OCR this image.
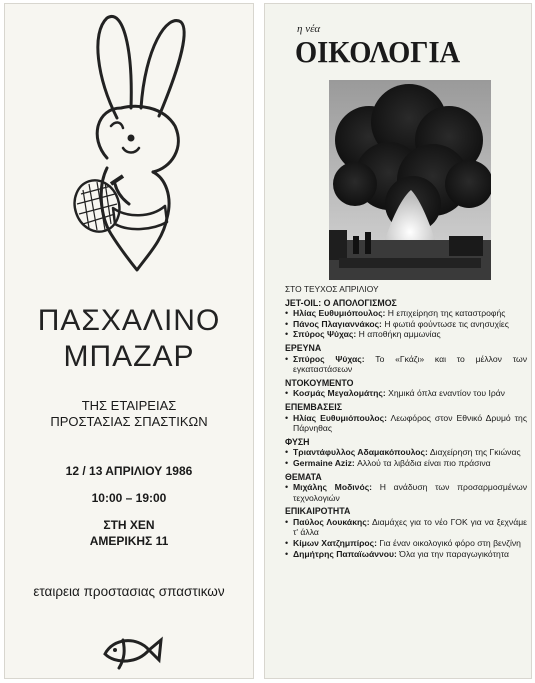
ΠΑΣΧΑΛΙΝΟ
ΜΠΑΖΑΡ
ΤΗΣ ΕΤΑΙΡΕΙΑΣ
ΠΡΟΣΤΑΣΙΑΣ ΣΠΑΣΤΙΚΩΝ
12 / 13 ΑΠΡΙΛΙΟΥ 1986
10:00 – 19:00
ΣΤΗ ΧΕΝ
ΑΜΕΡΙΚΗΣ 11
εταιρεια προστασιας σπαστικων
η νέα
ΟΙΚΟΛΟΓΙΑ
ΣΤΟ ΤΕΥΧΟΣ ΑΠΡΙΛΙΟΥ
JET-OIL: Ο ΑΠΟΛΟΓΙΣΜΟΣ
• Ηλίας Ευθυμιόπουλος: Η επιχείρηση της καταστροφής
• Πάνος Πλαγιαννάκος: Η φωτιά φούντωσε τις ανησυχίες
• Σπύρος Ψύχας: Η αποθήκη αμμωνίας
ΕΡΕΥΝΑ
• Σπύρος Ψύχας: Το «Γκάζι» και το μέλλον των εγκαταστάσεων
ΝΤΟΚΟΥΜΕΝΤΟ
• Κοσμάς Μεγαλομάτης: Χημικά όπλα εναντίον του Ιράν
ΕΠΕΜΒΑΣΕΙΣ
• Ηλίας Ευθυμιόπουλος: Λεωφόρος στον Εθνικό Δρυμό της Πάρνηθας
ΦΥΣΗ
• Τριαντάφυλλος Αδαμακόπουλος: Διαχείρηση της Γκιώνας
• Germaine Aziz: Αλλού τα λιβάδια είναι πιο πράσινα
ΘΕΜΑΤΑ
• Μιχάλης Μοδινός: Η ανάδυση των προσαρμοσμένων τεχνολογιών
ΕΠΙΚΑΙΡΟΤΗΤΑ
• Παύλος Λουκάκης: Διαμάχες για το νέο ΓΟΚ για να ξεχνάμε τ' άλλα
• Κίμων Χατζημπίρος: Για έναν οικολογικό φόρο στη βενζίνη
• Δημήτρης Παπαϊωάννου: Όλα για την παραγωγικότητα
